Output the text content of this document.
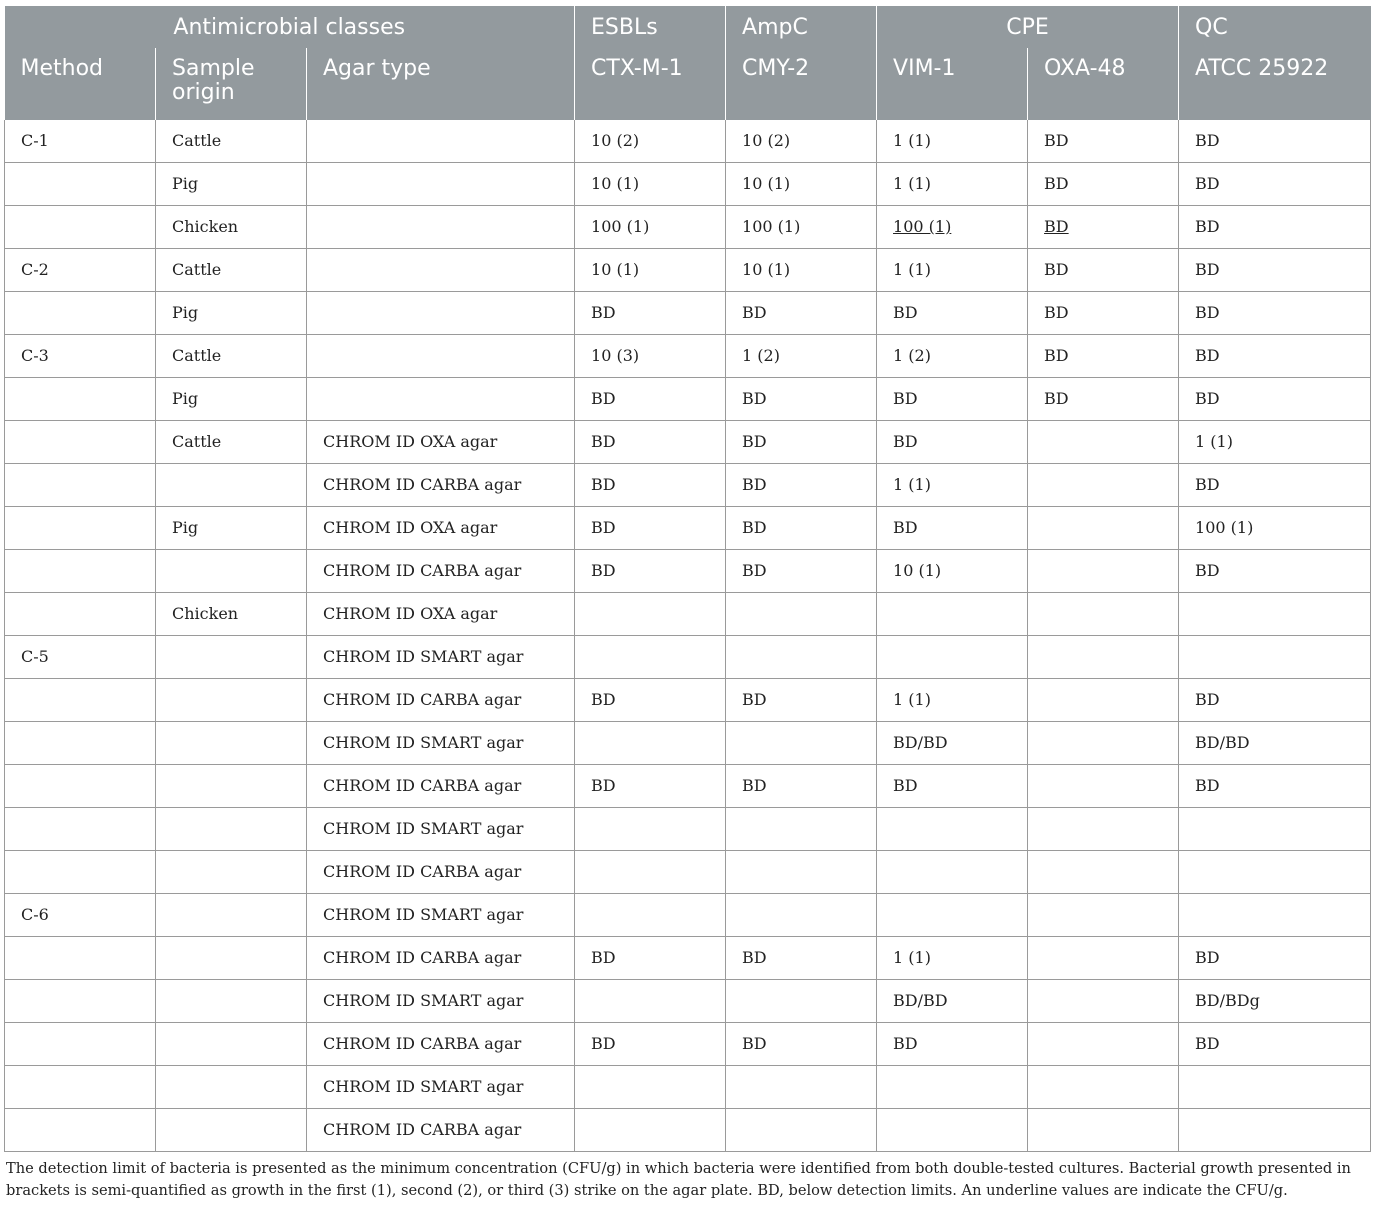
Antimicrobial classes			ESBLs	AmpC	CPE		QC
Method	Sample origin	Agar type	CTX-M-1	CMY-2	VIM-1	OXA-48	ATCC 25922
C-1	Cattle		10 (2)	10 (2)	1 (1)	BD	BD
	Pig		10 (1)	10 (1)	1 (1)	BD	BD
	Chicken		100 (1)	100 (1)	100 (1)	BD	BD
C-2	Cattle		10 (1)	10 (1)	1 (1)	BD	BD
	Pig		BD	BD	BD	BD	BD
C-3	Cattle		10 (3)	1 (2)	1 (2)	BD	BD
	Pig		BD	BD	BD	BD	BD
	Cattle	CHROM ID OXA agar	BD	BD	BD		1 (1)
		CHROM ID CARBA agar	BD	BD	1 (1)		BD
	Pig	CHROM ID OXA agar	BD	BD	BD		100 (1)
		CHROM ID CARBA agar	BD	BD	10 (1)		BD
	Chicken	CHROM ID OXA agar					
C-5		CHROM ID SMART agar					
		CHROM ID CARBA agar	BD	BD	1 (1)		BD
		CHROM ID SMART agar			BD/BD		BD/BD
		CHROM ID CARBA agar	BD	BD	BD		BD
		CHROM ID SMART agar					
		CHROM ID CARBA agar					
C-6		CHROM ID SMART agar					
		CHROM ID CARBA agar	BD	BD	1 (1)		BD
		CHROM ID SMART agar			BD/BD		BD/BDg
		CHROM ID CARBA agar	BD	BD	BD		BD
		CHROM ID SMART agar					
		CHROM ID CARBA agar					
The detection limit of bacteria is presented as the minimum concentration (CFU/g) in which bacteria were identified from both double-tested cultures. Bacterial growth presented in brackets is semi-quantified as growth in the first (1), second (2), or third (3) strike on the agar plate. BD, below detection limits. An underline values are indicate the CFU/g.
